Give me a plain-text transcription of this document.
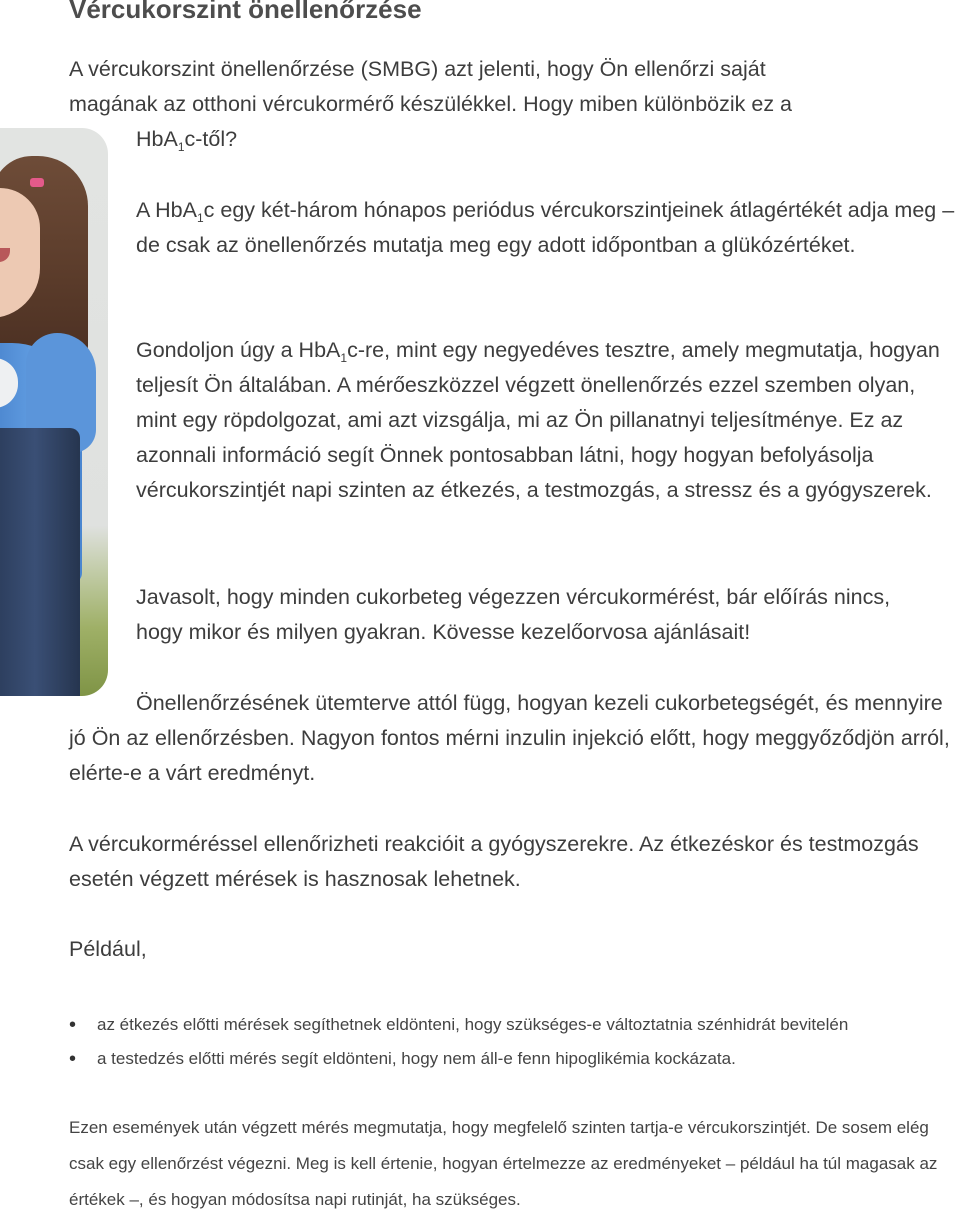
Vércukorszint önellenőrzése

A vércukorszint önellenőrzése (SMBG) azt jelenti, hogy Ön ellenőrzi saját
magának az otthoni vércukormérő készülékkel. Hogy miben különbözik ez a
HbA$_1$c-től?

A HbA$_1$c egy két-három hónapos periódus vércukorszintjeinek átlagértékét adja meg – de csak az önellenőrzés mutatja meg egy adott időpontban a glükózértéket.

Gondoljon úgy a HbA$_1$c-re, mint egy negyedéves tesztre, amely megmutatja, hogyan teljesít Ön általában. A mérőeszközzel végzett önellenőrzés ezzel szemben olyan, mint egy röpdolgozat, ami azt vizsgálja, mi az Ön pillanatnyi teljesítménye. Ez az azonnali információ segít Önnek pontosabban látni, hogy hogyan befolyásolja vércukorszintjét napi szinten az étkezés, a testmozgás, a stressz és a gyógyszerek.

Javasolt, hogy minden cukorbeteg végezzen vércukormérést, bár előírás nincs, hogy mikor és milyen gyakran. Kövesse kezelőorvosa ajánlásait!

Önellenőrzésének ütemterve attól függ, hogyan kezeli cukorbetegségét, és mennyire jó Ön az ellenőrzésben. Nagyon fontos mérni inzulin injekció előtt, hogy meggyőződjön arról, elérte-e a várt eredményt.

A vércukorméréssel ellenőrizheti reakcióit a gyógyszerekre. Az étkezéskor és testmozgás esetén végzett mérések is hasznosak lehetnek.

Például,

• az étkezés előtti mérések segíthetnek eldönteni, hogy szükséges-e változtatnia szénhidrát bevitelén
• a testedzés előtti mérés segít eldönteni, hogy nem áll-e fenn hipoglikémia kockázata.

Ezen események után végzett mérés megmutatja, hogy megfelelő szinten tartja-e vércukorszintjét. De sosem elég csak egy ellenőrzést végezni. Meg is kell értenie, hogyan értelmezze az eredményeket – például ha túl magasak az értékek –, és hogyan módosítsa napi rutinját, ha szükséges.
